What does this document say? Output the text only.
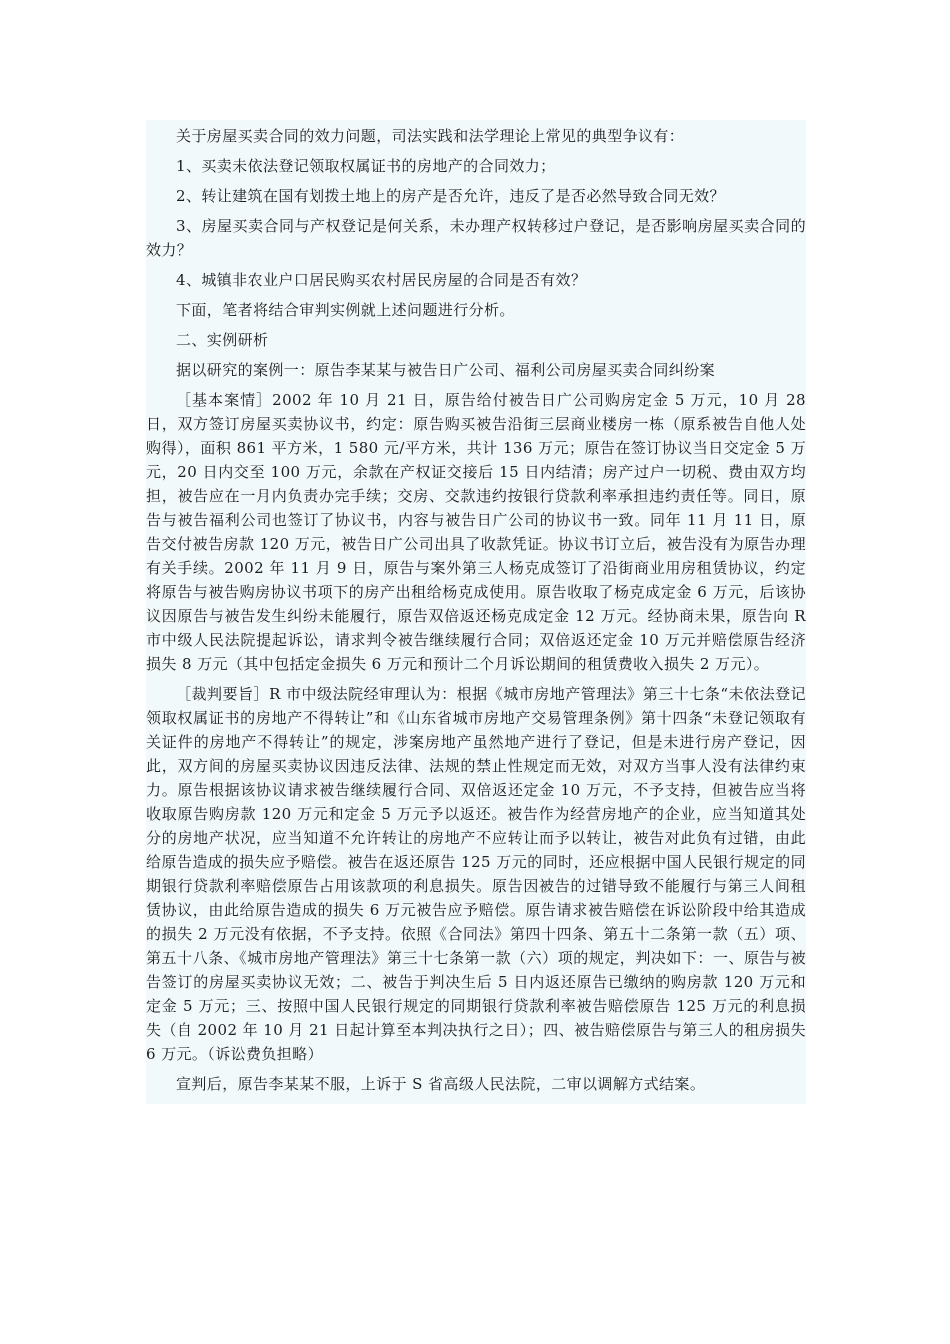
关于房屋买卖合同的效力问题，司法实践和法学理论上常见的典型争议有：

1、买卖未依法登记领取权属证书的房地产的合同效力；

2、转让建筑在国有划拨土地上的房产是否允许，违反了是否必然导致合同无效？

3、房屋买卖合同与产权登记是何关系，未办理产权转移过户登记，是否影响房屋买卖合同的效力？

4、城镇非农业户口居民购买农村居民房屋的合同是否有效？

下面，笔者将结合审判实例就上述问题进行分析。

二、实例研析

据以研究的案例一：原告李某某与被告日广公司、福利公司房屋买卖合同纠纷案

［基本案情］2002 年 10 月 21 日，原告给付被告日广公司购房定金 5 万元，10 月 28 日，双方签订房屋买卖协议书，约定：原告购买被告沿街三层商业楼房一栋（原系被告自他人处购得），面积 861 平方米，1 580 元/平方米，共计 136 万元；原告在签订协议当日交定金 5 万元，20 日内交至 100 万元，余款在产权证交接后 15 日内结清；房产过户一切税、费由双方均担，被告应在一月内负责办完手续；交房、交款违约按银行贷款利率承担违约责任等。同日，原告与被告福利公司也签订了协议书，内容与被告日广公司的协议书一致。同年 11 月 11 日，原告交付被告房款 120 万元，被告日广公司出具了收款凭证。协议书订立后，被告没有为原告办理有关手续。2002 年 11 月 9 日，原告与案外第三人杨克成签订了沿街商业用房租赁协议，约定将原告与被告购房协议书项下的房产出租给杨克成使用。原告收取了杨克成定金 6 万元，后该协议因原告与被告发生纠纷未能履行，原告双倍返还杨克成定金 12 万元。经协商未果，原告向 R 市中级人民法院提起诉讼，请求判令被告继续履行合同；双倍返还定金 10 万元并赔偿原告经济损失 8 万元（其中包括定金损失 6 万元和预计二个月诉讼期间的租赁费收入损失 2 万元）。

［裁判要旨］R 市中级法院经审理认为：根据《城市房地产管理法》第三十七条“未依法登记领取权属证书的房地产不得转让”和《山东省城市房地产交易管理条例》第十四条“未登记领取有关证件的房地产不得转让”的规定，涉案房地产虽然地产进行了登记，但是未进行房产登记，因此，双方间的房屋买卖协议因违反法律、法规的禁止性规定而无效，对双方当事人没有法律约束力。原告根据该协议请求被告继续履行合同、双倍返还定金 10 万元，不予支持，但被告应当将收取原告购房款 120 万元和定金 5 万元予以返还。被告作为经营房地产的企业，应当知道其处分的房地产状况，应当知道不允许转让的房地产不应转让而予以转让，被告对此负有过错，由此给原告造成的损失应予赔偿。被告在返还原告 125 万元的同时，还应根据中国人民银行规定的同期银行贷款利率赔偿原告占用该款项的利息损失。原告因被告的过错导致不能履行与第三人间租赁协议，由此给原告造成的损失 6 万元被告应予赔偿。原告请求被告赔偿在诉讼阶段中给其造成的损失 2 万元没有依据，不予支持。依照《合同法》第四十四条、第五十二条第一款（五）项、第五十八条、《城市房地产管理法》第三十七条第一款（六）项的规定，判决如下：一、原告与被告签订的房屋买卖协议无效；二、被告于判决生后 5 日内返还原告已缴纳的购房款 120 万元和定金 5 万元；三、按照中国人民银行规定的同期银行贷款利率被告赔偿原告 125 万元的利息损失（自 2002 年 10 月 21 日起计算至本判决执行之日）；四、被告赔偿原告与第三人的租房损失 6 万元。（诉讼费负担略）

宣判后，原告李某某不服，上诉于 S 省高级人民法院，二审以调解方式结案。
